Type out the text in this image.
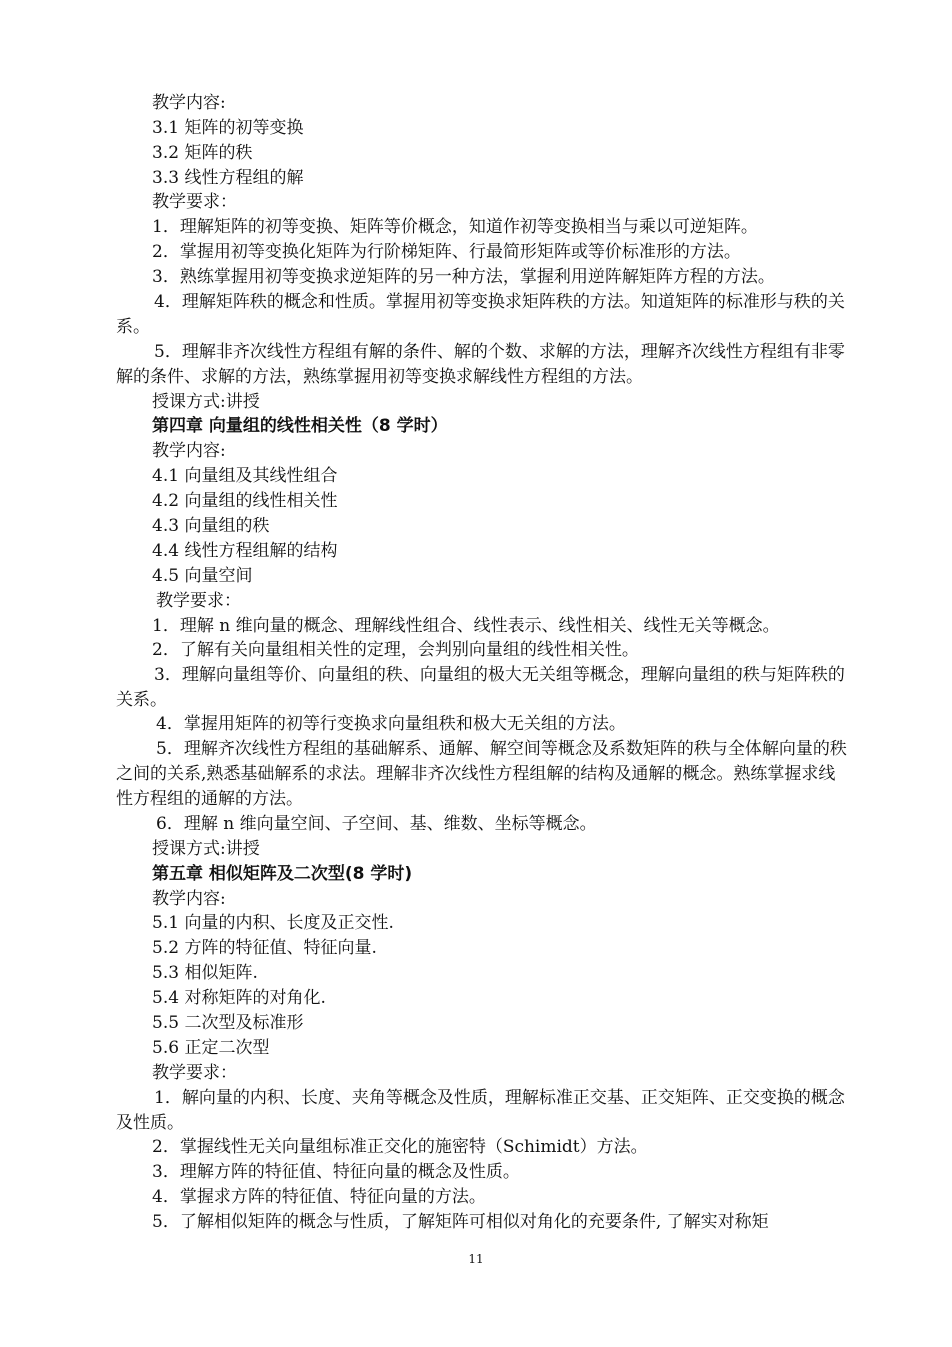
教学内容:
3.1 矩阵的初等变换
3.2 矩阵的秩
3.3 线性方程组的解
教学要求：
1．理解矩阵的初等变换、矩阵等价概念，知道作初等变换相当与乘以可逆矩阵。
2．掌握用初等变换化矩阵为行阶梯矩阵、行最简形矩阵或等价标准形的方法。
3．熟练掌握用初等变换求逆矩阵的另一种方法，掌握利用逆阵解矩阵方程的方法。
4．理解矩阵秩的概念和性质。掌握用初等变换求矩阵秩的方法。知道矩阵的标准形与秩的关系。
5．理解非齐次线性方程组有解的条件、解的个数、求解的方法，理解齐次线性方程组有非零解的条件、求解的方法，熟练掌握用初等变换求解线性方程组的方法。
授课方式:讲授
第四章 向量组的线性相关性（8 学时）
教学内容:
4.1 向量组及其线性组合
4.2 向量组的线性相关性
4.3 向量组的秩
4.4 线性方程组解的结构
4.5 向量空间
教学要求：
1．理解 n 维向量的概念、理解线性组合、线性表示、线性相关、线性无关等概念。
2．了解有关向量组相关性的定理，会判别向量组的线性相关性。
3．理解向量组等价、向量组的秩、向量组的极大无关组等概念，理解向量组的秩与矩阵秩的关系。
4．掌握用矩阵的初等行变换求向量组秩和极大无关组的方法。
5．理解齐次线性方程组的基础解系、通解、解空间等概念及系数矩阵的秩与全体解向量的秩之间的关系,熟悉基础解系的求法。理解非齐次线性方程组解的结构及通解的概念。熟练掌握求线性方程组的通解的方法。
6．理解 n 维向量空间、子空间、基、维数、坐标等概念。
授课方式:讲授
第五章 相似矩阵及二次型(8 学时)
教学内容:
5.1 向量的内积、长度及正交性.
5.2 方阵的特征值、特征向量.
5.3 相似矩阵.
5.4 对称矩阵的对角化.
5.5 二次型及标准形
5.6 正定二次型
教学要求：
1．解向量的内积、长度、夹角等概念及性质，理解标准正交基、正交矩阵、正交变换的概念及性质。
2．掌握线性无关向量组标准正交化的施密特（Schimidt）方法。
3．理解方阵的特征值、特征向量的概念及性质。
4．掌握求方阵的特征值、特征向量的方法。
5．了解相似矩阵的概念与性质，了解矩阵可相似对角化的充要条件, 了解实对称矩
11
